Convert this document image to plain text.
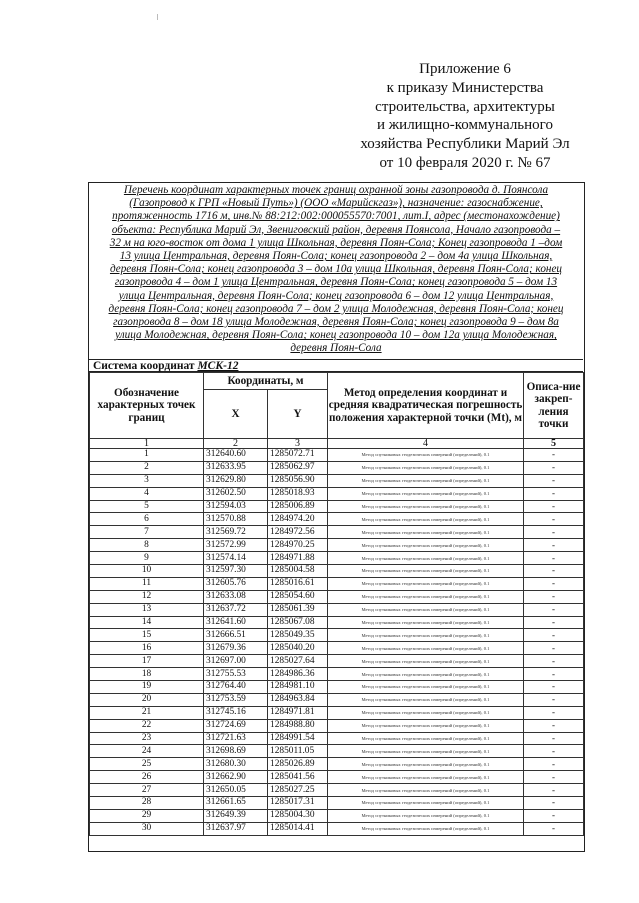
Приложение 6
к приказу Министерства
строительства, архитектуры
и жилищно-коммунального
хозяйства Республики Марий Эл
от 10 февраля 2020 г. № 67
Перечень координат характерных точек границ охранной зоны газопровода д. Поянсола
(Газопровод к ГРП «Новый Путь») (ООО «Марийскгаз»), назначение: газоснабжение,
протяженность 1716 м, инв.№ 88:212:002:000055570:7001, лит.I, адрес (местонахождение)
объекта: Республика Марий Эл, Звениговский район, деревня Поянсола, Начало газопровода –
32 м на юго-восток от дома 1 улица Школьная, деревня Поян-Сола; Конец газопровода 1 –дом
13 улица Центральная, деревня Поян-Сола; конец газопровода 2 – дом 4а улица Школьная,
деревня Поян-Сола; конец газопровода 3 – дом 10а улица Школьная, деревня Поян-Сола; конец
газопровода 4 – дом 1 улица Центральная, деревня Поян-Сола; конец газопровода 5 – дом 13
улица Центральная, деревня Поян-Сола; конец газопровода 6 – дом 12 улица Центральная,
деревня Поян-Сола; конец газопровода 7 – дом 2 улица Молодежная, деревня Поян-Сола; конец
газопровода 8 – дом 18 улица Молодежная, деревня Поян-Сола; конец газопровода 9 – дом 8а
улица Молодежная, деревня Поян-Сола; конец газопровода 10 – дом 12а улица Молодежная,
деревня Поян-Сола
Система координат МСК-12
Обозначение характерных точек границ	Координаты, м		Метод определения координат и средняя квадратическая погрешность положения характерной точки (Mt), м	Описа-ние закреп-ления точки
	X	Y		
1	2	3	4	5
1	312640.60	1285072.71	Метод спутниковых геодезических измерений (определений), 0.1	-
2	312633.95	1285062.97	Метод спутниковых геодезических измерений (определений), 0.1	-
3	312629.80	1285056.90	Метод спутниковых геодезических измерений (определений), 0.1	-
4	312602.50	1285018.93	Метод спутниковых геодезических измерений (определений), 0.1	-
5	312594.03	1285006.89	Метод спутниковых геодезических измерений (определений), 0.1	-
6	312570.88	1284974.20	Метод спутниковых геодезических измерений (определений), 0.1	-
7	312569.72	1284972.56	Метод спутниковых геодезических измерений (определений), 0.1	-
8	312572.99	1284970.25	Метод спутниковых геодезических измерений (определений), 0.1	-
9	312574.14	1284971.88	Метод спутниковых геодезических измерений (определений), 0.1	-
10	312597.30	1285004.58	Метод спутниковых геодезических измерений (определений), 0.1	-
11	312605.76	1285016.61	Метод спутниковых геодезических измерений (определений), 0.1	-
12	312633.08	1285054.60	Метод спутниковых геодезических измерений (определений), 0.1	-
13	312637.72	1285061.39	Метод спутниковых геодезических измерений (определений), 0.1	-
14	312641.60	1285067.08	Метод спутниковых геодезических измерений (определений), 0.1	-
15	312666.51	1285049.35	Метод спутниковых геодезических измерений (определений), 0.1	-
16	312679.36	1285040.20	Метод спутниковых геодезических измерений (определений), 0.1	-
17	312697.00	1285027.64	Метод спутниковых геодезических измерений (определений), 0.1	-
18	312755.53	1284986.36	Метод спутниковых геодезических измерений (определений), 0.1	-
19	312764.40	1284981.10	Метод спутниковых геодезических измерений (определений), 0.1	-
20	312753.59	1284963.84	Метод спутниковых геодезических измерений (определений), 0.1	-
21	312745.16	1284971.81	Метод спутниковых геодезических измерений (определений), 0.1	-
22	312724.69	1284988.80	Метод спутниковых геодезических измерений (определений), 0.1	-
23	312721.63	1284991.54	Метод спутниковых геодезических измерений (определений), 0.1	-
24	312698.69	1285011.05	Метод спутниковых геодезических измерений (определений), 0.1	-
25	312680.30	1285026.89	Метод спутниковых геодезических измерений (определений), 0.1	-
26	312662.90	1285041.56	Метод спутниковых геодезических измерений (определений), 0.1	-
27	312650.05	1285027.25	Метод спутниковых геодезических измерений (определений), 0.1	-
28	312661.65	1285017.31	Метод спутниковых геодезических измерений (определений), 0.1	-
29	312649.39	1285004.30	Метод спутниковых геодезических измерений (определений), 0.1	-
30	312637.97	1285014.41	Метод спутниковых геодезических измерений (определений), 0.1	-
